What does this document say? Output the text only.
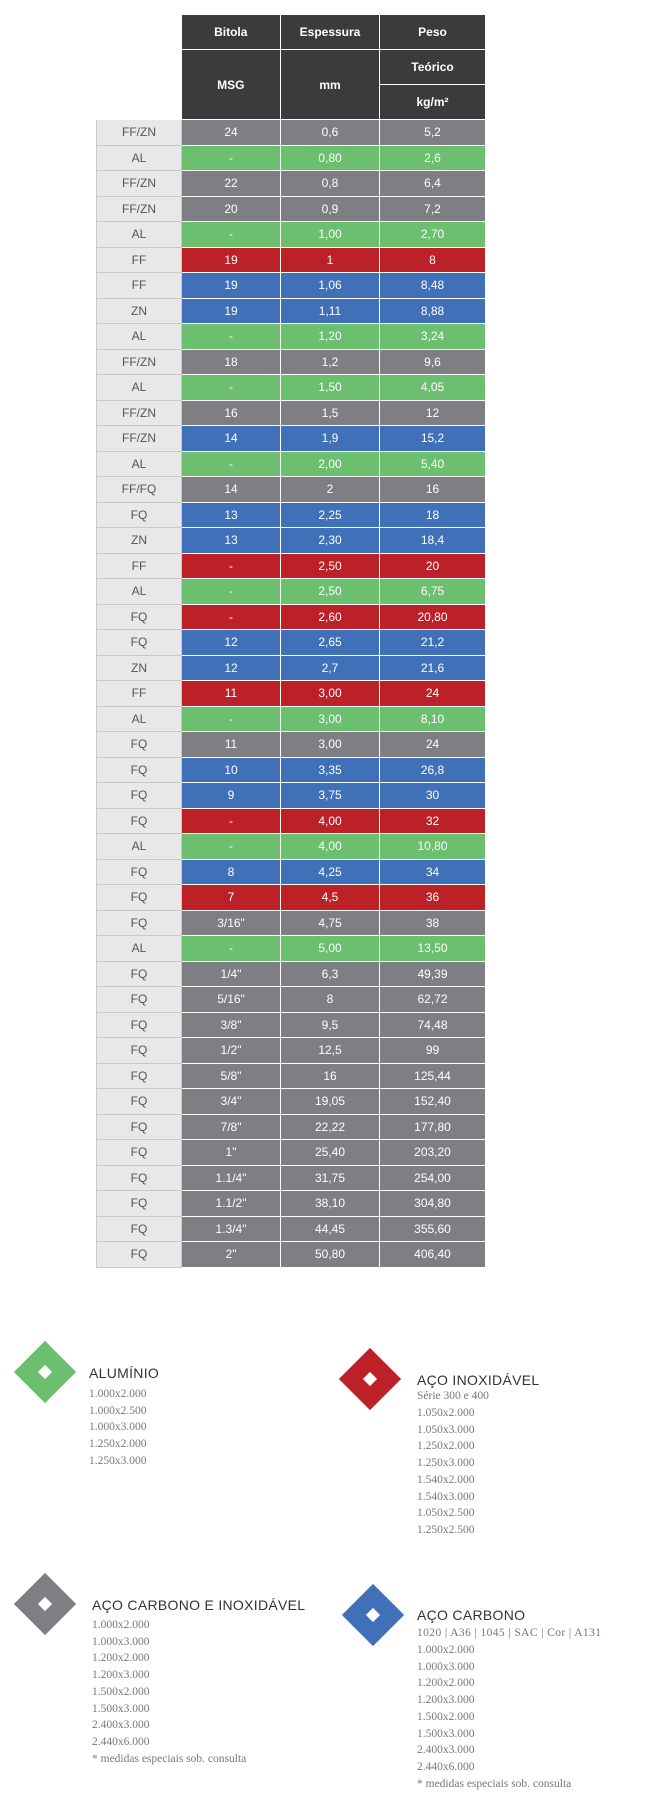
	Bitola	Espessura	Peso
	MSG	mm	Teórico
			kg/m²
FF/ZN	24	0,6	5,2
AL	-	0,80	2,6
FF/ZN	22	0,8	6,4
FF/ZN	20	0,9	7,2
AL	-	1,00	2,70
FF	19	1	8
FF	19	1,06	8,48
ZN	19	1,11	8,88
AL	-	1,20	3,24
FF/ZN	18	1,2	9,6
AL	-	1,50	4,05
FF/ZN	16	1,5	12
FF/ZN	14	1,9	15,2
AL	-	2,00	5,40
FF/FQ	14	2	16
FQ	13	2,25	18
ZN	13	2,30	18,4
FF	-	2,50	20
AL	-	2,50	6,75
FQ	-	2,60	20,80
FQ	12	2,65	21,2
ZN	12	2,7	21,6
FF	11	3,00	24
AL	-	3,00	8,10
FQ	11	3,00	24
FQ	10	3,35	26,8
FQ	9	3,75	30
FQ	-	4,00	32
AL	-	4,00	10,80
FQ	8	4,25	34
FQ	7	4,5	36
FQ	3/16"	4,75	38
AL	-	5,00	13,50
FQ	1/4"	6,3	49,39
FQ	5/16"	8	62,72
FQ	3/8"	9,5	74,48
FQ	1/2"	12,5	99
FQ	5/8"	16	125,44
FQ	3/4"	19,05	152,40
FQ	7/8"	22,22	177,80
FQ	1"	25,40	203,20
FQ	1.1/4"	31,75	254,00
FQ	1.1/2"	38,10	304,80
FQ	1.3/4"	44,45	355,60
FQ	2"	50,80	406,40
ALUMÍNIO
1.000x2.000
1.000x2.500
1.000x3.000
1.250x2.000
1.250x3.000
AÇO INOXIDÁVEL
Série 300 e 400
1.050x2.000
1.050x3.000
1.250x2.000
1.250x3.000
1.540x2.000
1.540x3.000
1.050x2.500
1.250x2.500
AÇO CARBONO E INOXIDÁVEL
1.000x2.000
1.000x3.000
1.200x2.000
1.200x3.000
1.500x2.000
1.500x3.000
2.400x3.000
2.440x6.000
* medidas especiais sob. consulta
AÇO CARBONO
1020 | A36 | 1045 | SAC | Cor | A131
1.000x2.000
1.000x3.000
1.200x2.000
1.200x3.000
1.500x2.000
1.500x3.000
2.400x3.000
2.440x6.000
* medidas especiais sob. consulta
